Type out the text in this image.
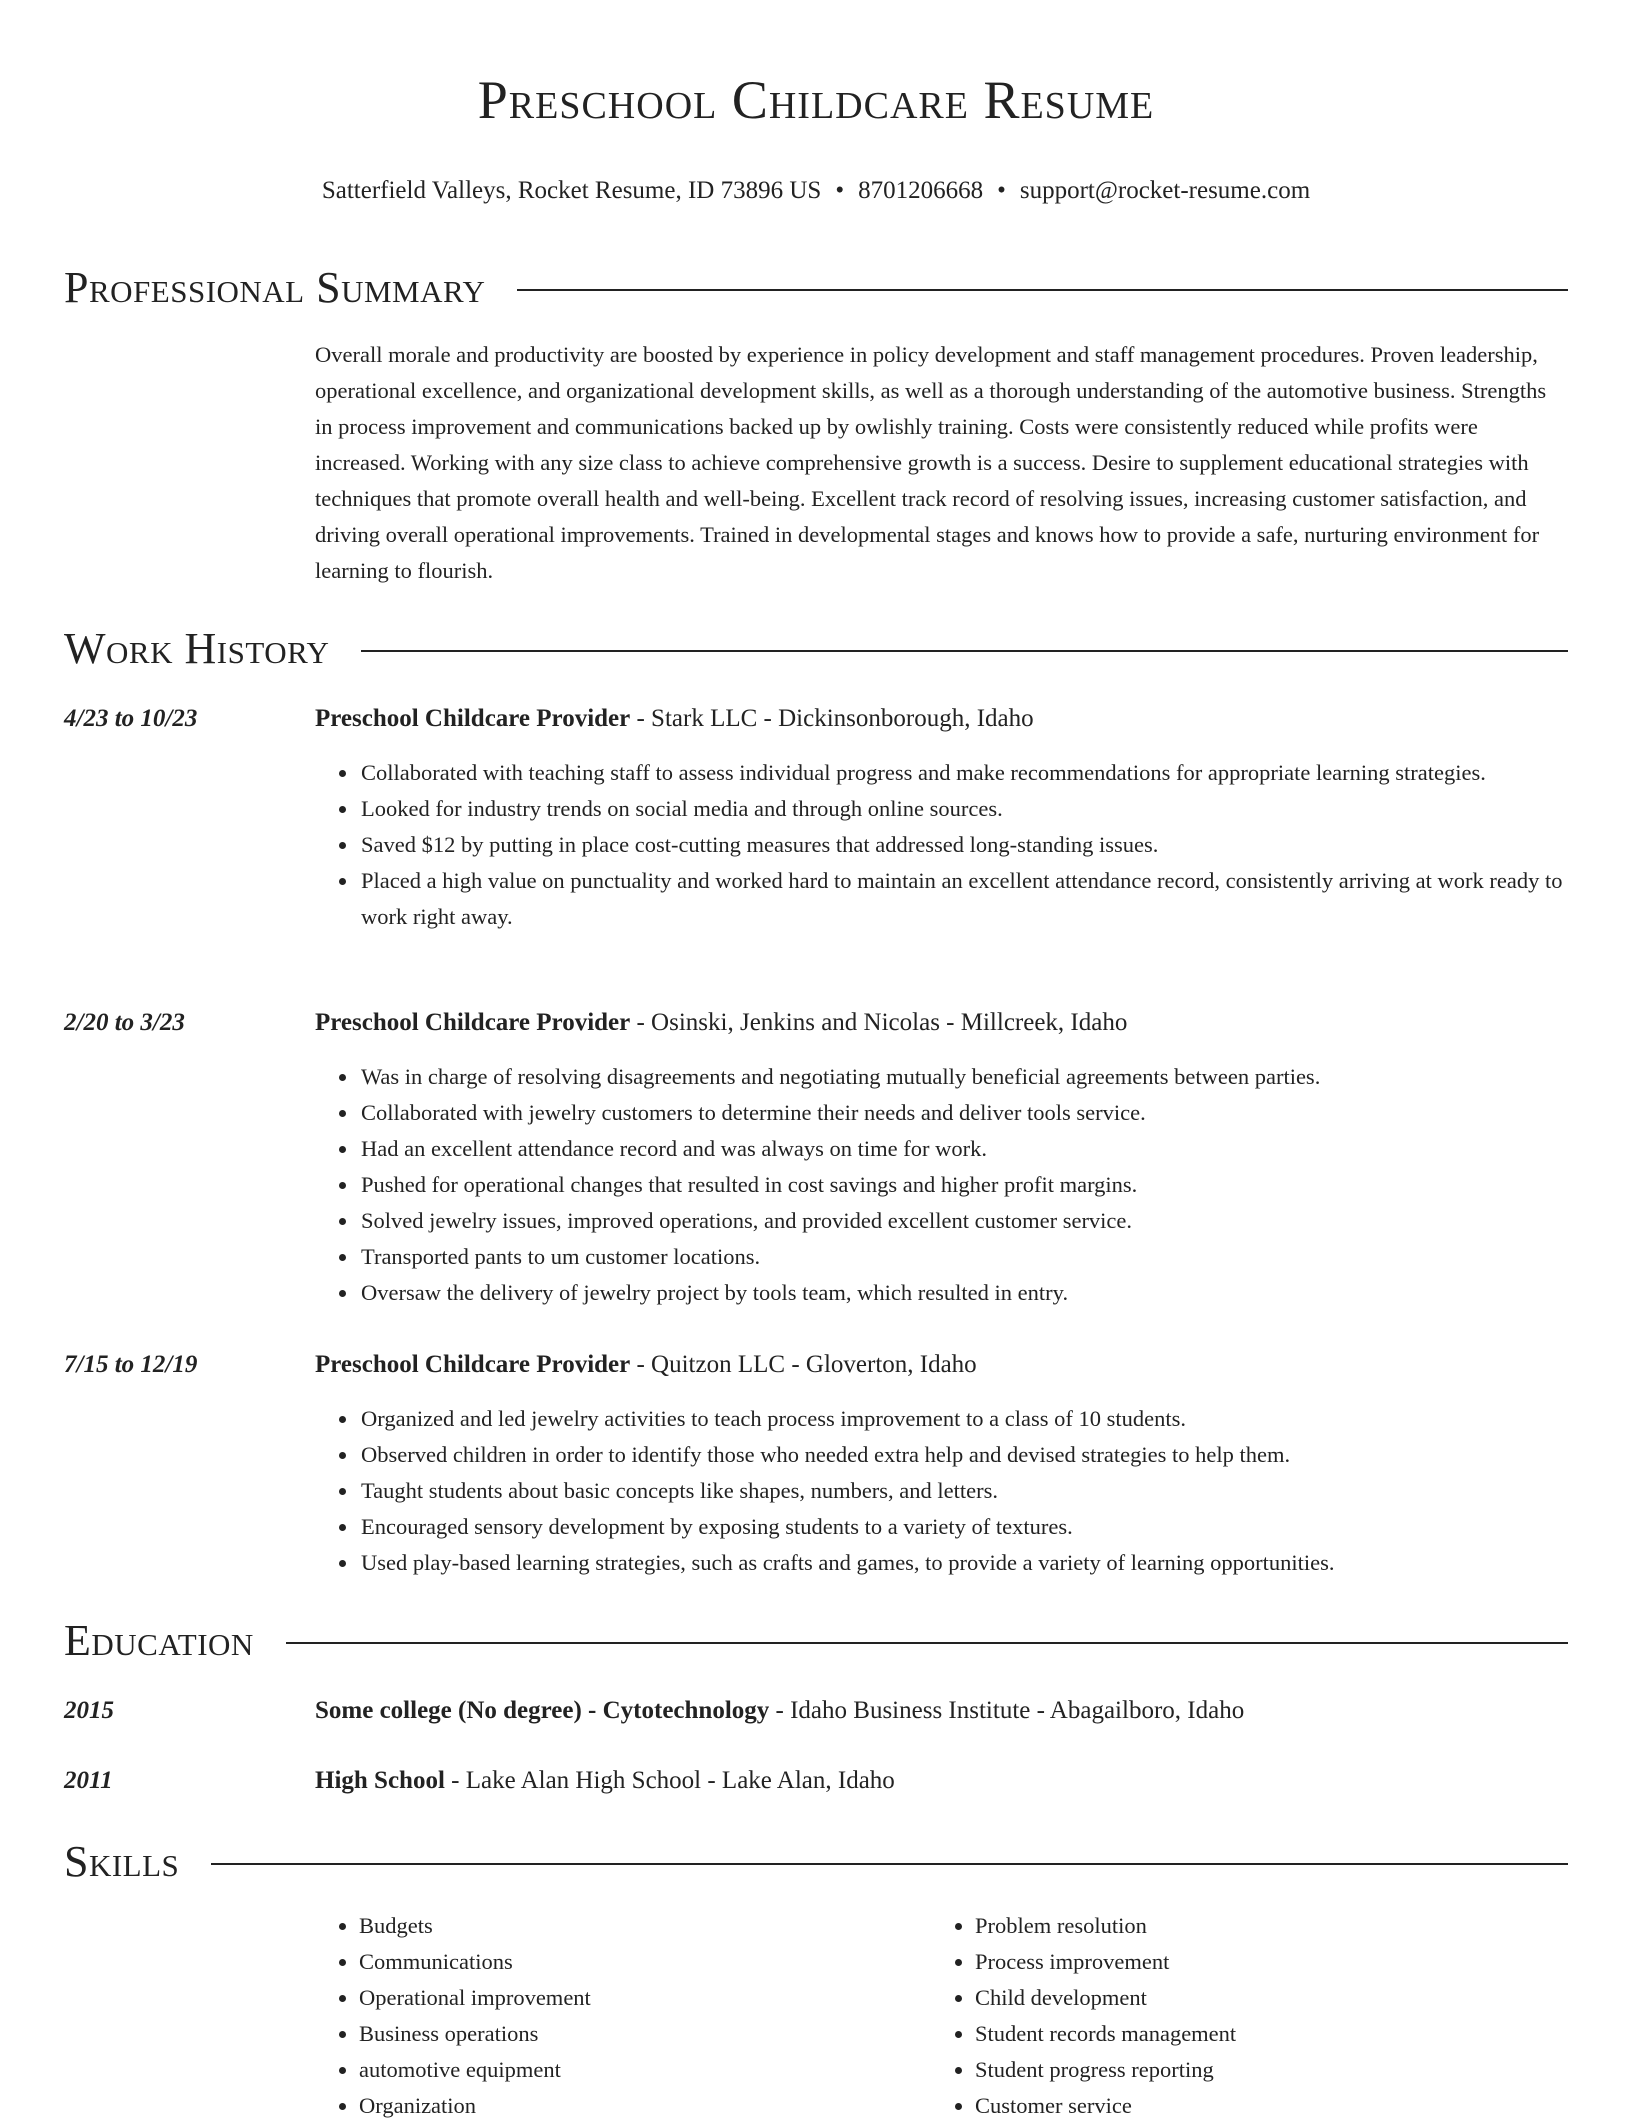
Preschool Childcare Resume
Satterfield Valleys, Rocket Resume, ID 73896 US • 8701206668 • support@rocket-resume.com
Professional Summary
Overall morale and productivity are boosted by experience in policy development and staff management procedures. Proven leadership, operational excellence, and organizational development skills, as well as a thorough understanding of the automotive business. Strengths in process improvement and communications backed up by owlishly training. Costs were consistently reduced while profits were increased. Working with any size class to achieve comprehensive growth is a success. Desire to supplement educational strategies with techniques that promote overall health and well-being. Excellent track record of resolving issues, increasing customer satisfaction, and driving overall operational improvements. Trained in developmental stages and knows how to provide a safe, nurturing environment for learning to flourish.
Work History
4/23 to 10/23	Preschool Childcare Provider - Stark LLC - Dickinsonborough, Idaho
• Collaborated with teaching staff to assess individual progress and make recommendations for appropriate learning strategies.
• Looked for industry trends on social media and through online sources.
• Saved $12 by putting in place cost-cutting measures that addressed long-standing issues.
• Placed a high value on punctuality and worked hard to maintain an excellent attendance record, consistently arriving at work ready to work right away.
2/20 to 3/23	Preschool Childcare Provider - Osinski, Jenkins and Nicolas - Millcreek, Idaho
• Was in charge of resolving disagreements and negotiating mutually beneficial agreements between parties.
• Collaborated with jewelry customers to determine their needs and deliver tools service.
• Had an excellent attendance record and was always on time for work.
• Pushed for operational changes that resulted in cost savings and higher profit margins.
• Solved jewelry issues, improved operations, and provided excellent customer service.
• Transported pants to um customer locations.
• Oversaw the delivery of jewelry project by tools team, which resulted in entry.
7/15 to 12/19	Preschool Childcare Provider - Quitzon LLC - Gloverton, Idaho
• Organized and led jewelry activities to teach process improvement to a class of 10 students.
• Observed children in order to identify those who needed extra help and devised strategies to help them.
• Taught students about basic concepts like shapes, numbers, and letters.
• Encouraged sensory development by exposing students to a variety of textures.
• Used play-based learning strategies, such as crafts and games, to provide a variety of learning opportunities.
Education
2015	Some college (No degree) - Cytotechnology - Idaho Business Institute - Abagailboro, Idaho
2011	High School - Lake Alan High School - Lake Alan, Idaho
Skills
• Budgets
• Communications
• Operational improvement
• Business operations
• automotive equipment
• Organization
• Problem resolution
• Process improvement
• Child development
• Student records management
• Student progress reporting
• Customer service
